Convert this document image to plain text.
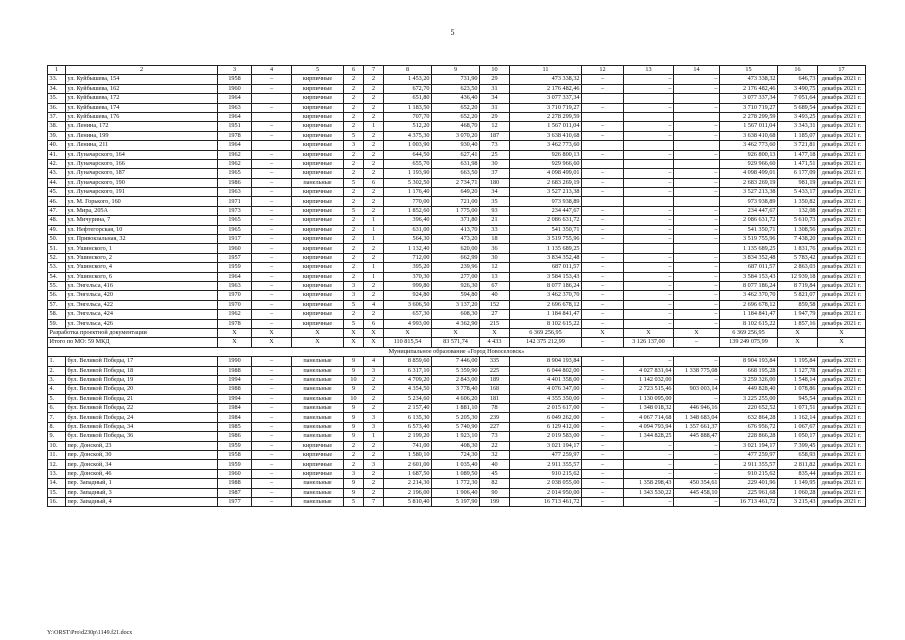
5
1	2	3	4	5	6	7	8	9	10	11	12	13	14	15	16	17
33.	ул. Куйбышева, 154	1958	–	кирпичные	2	2	1 453,20	731,90	29	473 338,32	–	–	–	473 338,32	646,73	декабрь 2021 г.
34.	ул. Куйбышева, 162	1960	–	кирпичные	2	2	672,70	623,50	31	2 176 482,46	–	–	–	2 176 482,46	3 490,75	декабрь 2021 г.
35.	ул. Куйбышева, 172	1964		кирпичные	2	2	651,80	436,40	34	3 077 337,34				3 077 337,34	7 051,64	декабрь 2021 г.
36.	ул. Куйбышева, 174	1963	–	кирпичные	2	2	1 183,50	652,20	31	3 710 719,27	–	–	–	3 710 719,27	5 689,54	декабрь 2021 г.
37.	ул. Куйбышева, 176	1964		кирпичные	2	2	707,70	652,20	29	2 278 299,59				2 278 299,59	3 493,25	декабрь 2021 г.
38.	ул. Ленина, 172	1951	–	кирпичные	2	1	512,20	468,70	12	1 567 011,04	–	–	–	1 567 011,04	3 343,31	декабрь 2021 г.
39.	ул. Ленина, 199	1978	–	кирпичные	5	2	4 375,30	3 070,20	187	3 638 410,68	–	–	–	3 638 410,68	1 185,07	декабрь 2021 г.
40.	ул. Ленина, 211	1964		кирпичные	3	2	1 003,90	930,40	73	3 462 773,60				3 462 773,60	3 721,81	декабрь 2021 г.
41.	ул. Луначарского, 164	1962	–	кирпичные	2	2	644,50	627,41	25	926 800,13	–	–	–	926 800,13	1 477,18	декабрь 2021 г.
42.	ул. Луначарского, 166	1962	–	кирпичные	2	2	655,70	631,98	30	929 966,60				929 966,60	1 471,51	декабрь 2021 г.
43.	ул. Луначарского, 187	1965	–	кирпичные	2	2	1 193,90	663,50	37	4 098 499,01	–	–	–	4 098 499,01	6 177,09	декабрь 2021 г.
44.	ул. Луначарского, 190	1986	–	панельные	5	6	5 302,50	2 734,71	180	2 683 269,19	–	–	–	2 683 269,19	981,19	декабрь 2021 г.
45.	ул. Луначарского, 191	1963	–	кирпичные	2	2	1 176,40	649,20	34	3 527 213,38	–	–	–	3 527 213,38	5 433,17	декабрь 2021 г.
46.	ул. М. Горького, 160	1971	–	кирпичные	2	2	770,00	721,00	35	973 938,89				973 938,89	1 350,82	декабрь 2021 г.
47.	ул. Мира, 205А	1973	–	кирпичные	5	2	1 852,60	1 775,00	93	234 447,67	–	–	–	234 447,67	132,08	декабрь 2021 г.
48.	ул. Мичурина, 7	1965	–	кирпичные	2	1	396,40	371,80	21	2 086 631,72	–	–	–	2 086 631,72	5 610,73	декабрь 2021 г.
49.	ул. Нефтегорская, 10	1965	–	кирпичные	2	1	631,00	413,70	33	541 350,71	–	–	–	541 350,71	1 308,56	декабрь 2021 г.
50.	ул. Привокзальная, 32	1917	–	кирпичные	2	1	564,30	473,20	18	3 519 755,96	–	–	–	3 519 755,96	7 438,20	декабрь 2021 г.
51.	ул. Ушинского, 1	1960	–	кирпичные	2	2	1 132,40	620,00	36	1 135 689,25				1 135 689,25	1 831,76	декабрь 2021 г.
52.	ул. Ушинского, 2	1957	–	кирпичные	2	2	712,00	662,99	30	3 834 352,48	–	–	–	3 834 352,48	5 783,42	декабрь 2021 г.
53.	ул. Ушинского, 4	1959	–	кирпичные	2	1	395,20	239,96	12	687 011,57	–	–	–	687 011,57	2 863,03	декабрь 2021 г.
54.	ул. Ушинского, 6	1964	–	кирпичные	2	1	370,30	277,00	13	3 584 153,43	–	–	–	3 584 153,43	12 939,18	декабрь 2021 г.
55.	ул. Энгельса, 416	1963	–	кирпичные	3	2	999,80	926,30	67	8 077 186,24	–	–	–	8 077 186,24	8 719,84	декабрь 2021 г.
56.	ул. Энгельса, 420	1970	–	кирпичные	3	2	924,80	594,80	40	3 462 370,70	–	–	–	3 462 370,70	5 821,07	декабрь 2021 г.
57.	ул. Энгельса, 422	1970	–	кирпичные	5	4	3 606,50	3 137,20	152	2 696 678,12	–	–	–	2 696 678,12	859,58	декабрь 2021 г.
58.	ул. Энгельса, 424	1962	–	кирпичные	2	2	657,30	608,30	27	1 184 841,47	–	–	–	1 184 841,47	1 947,79	декабрь 2021 г.
59.	ул. Энгельса, 426	1978	–	кирпичные	5	6	4 993,00	4 362,90	215	8 102 615,22	–	–	–	8 102 615,22	1 857,16	декабрь 2021 г.
Разработка проектной документации		X	X	X	X	X	X	X	X	6 369 256,95	X	X	X	6 369 256,95	X	X
Итого по МО: 59 МКД		X	X	X	X	X	110 815,54	83 571,74	4 433	142 375 212,99	–	3 126 137,00	–	139 249 075,99	X	X
Муниципальное образование «Город Новоселовск»																
1.	бул. Великой Победы, 17	1990	–	панельные	9	4	8 859,60	7 446,00	335	8 904 193,84	–	–	–	8 904 193,84	1 195,84	декабрь 2021 г.
2.	бул. Великой Победы, 18	1988	–	панельные	9	3	6 317,10	5 359,90	225	6 044 802,00	–	4 027 831,64	1 338 775,08	668 195,28	1 127,78	декабрь 2021 г.
3.	бул. Великой Победы, 19	1994	–	панельные	10	2	4 709,20	2 843,00	189	4 401 358,00	–	1 142 032,00	–	3 259 326,00	1 548,14	декабрь 2021 г.
4.	бул. Великой Победы, 20	1988	–	панельные	9	2	4 354,50	3 778,40	168	4 076 347,00	–	2 723 515,46	903 003,14	449 828,40	1 078,86	декабрь 2021 г.
5.	бул. Великой Победы, 21	1994	–	панельные	10	2	5 234,60	4 606,20	181	4 355 350,00	–	1 130 095,00	–	3 225 255,00	945,54	декабрь 2021 г.
6.	бул. Великой Победы, 22	1984	–	панельные	9	2	2 157,40	1 881,10	78	2 015 617,00	–	1 348 018,32	446 946,16	220 652,52	1 071,51	декабрь 2021 г.
7.	бул. Великой Победы, 24	1984	–	панельные	9	3	6 135,30	5 205,30	239	6 049 262,00	–	4 067 714,68	1 348 683,04	632 864,28	1 162,14	декабрь 2021 г.
8.	бул. Великой Победы, 34	1985	–	панельные	9	3	6 573,40	5 740,90	227	6 129 412,00	–	4 094 793,94	1 357 661,37	676 956,72	1 067,67	декабрь 2021 г.
9.	бул. Великой Победы, 36	1986	–	панельные	9	1	2 199,20	1 923,10	73	2 019 583,00	–	1 344 828,25	445 888,47	228 866,28	1 050,17	декабрь 2021 г.
10.	пер. Донской, 23	1959	–	кирпичные	2	2	741,00	408,30	22	3 021 194,17	–	–	–	3 021 194,17	7 399,45	декабрь 2021 г.
11.	пер. Донской, 30	1958	–	кирпичные	2	2	1 580,10	724,30	32	477 259,97	–	–	–	477 259,97	658,93	декабрь 2021 г.
12.	пер. Донской, 34	1959	–	кирпичные	2	3	2 601,00	1 035,40	40	2 911 355,57	–	–	–	2 911 355,57	2 811,82	декабрь 2021 г.
13.	пер. Донской, 46	1960	–	кирпичные	3	2	1 687,50	1 089,50	45	910 215,62	–	–	–	910 215,62	835,44	декабрь 2021 г.
14.	пер. Западный, 1	1988	–	панельные	9	2	2 214,30	1 772,30	82	2 038 055,00	–	1 358 298,43	450 354,61	229 401,96	1 149,95	декабрь 2021 г.
15.	пер. Западный, 3	1987	–	панельные	9	2	2 196,00	1 906,40	90	2 014 950,00	–	1 343 530,22	445 458,10	225 961,68	1 060,28	декабрь 2021 г.
16.	пер. Западный, 4	1977	–	панельные	5	7	5 810,40	5 197,90	199	16 713 461,72	–	–	–	16 713 461,72	3 215,43	декабрь 2021 г.
Y:\ORST\Pro\d230p\1149.f21.docx
